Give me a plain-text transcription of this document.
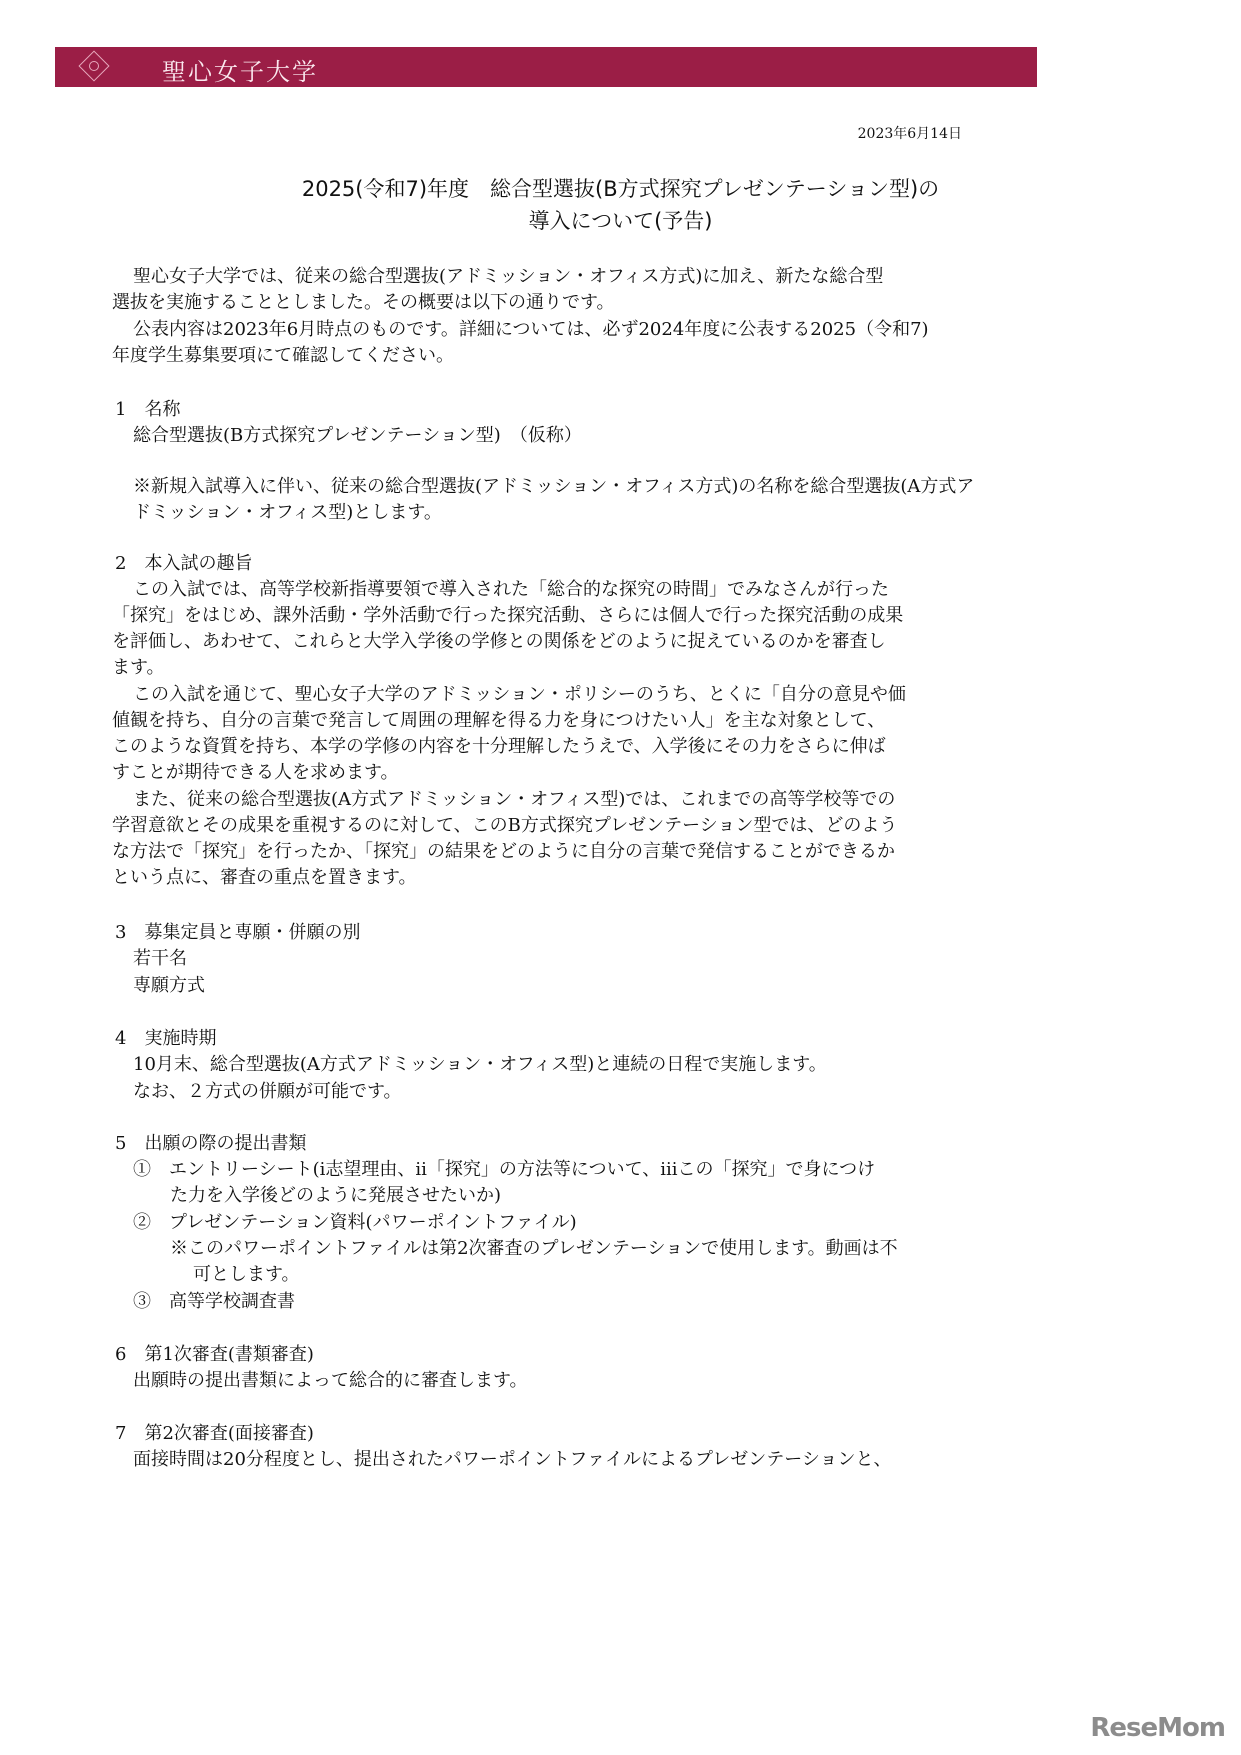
聖心女子大学
2023年6月14日
2025(令和7)年度　総合型選抜(B方式探究プレゼンテーション型)の
導入について(予告)
聖心女子大学では、従来の総合型選抜(アドミッション・オフィス方式)に加え、新たな総合型
選抜を実施することとしました。その概要は以下の通りです。
公表内容は2023年6月時点のものです。詳細については、必ず2024年度に公表する2025（令和7)
年度学生募集要項にて確認してください。
1　名称
総合型選抜(B方式探究プレゼンテーション型)　（仮称）
※新規入試導入に伴い、従来の総合型選抜(アドミッション・オフィス方式)の名称を総合型選抜(A方式ア
ドミッション・オフィス型)とします。
2　本入試の趣旨
この入試では、高等学校新指導要領で導入された「総合的な探究の時間」でみなさんが行った
「探究」をはじめ、課外活動・学外活動で行った探究活動、さらには個人で行った探究活動の成果
を評価し、あわせて、これらと大学入学後の学修との関係をどのように捉えているのかを審査し
ます。
この入試を通じて、聖心女子大学のアドミッション・ポリシーのうち、とくに「自分の意見や価
値観を持ち、自分の言葉で発言して周囲の理解を得る力を身につけたい人」を主な対象として、
このような資質を持ち、本学の学修の内容を十分理解したうえで、入学後にその力をさらに伸ば
すことが期待できる人を求めます。
また、従来の総合型選抜(A方式アドミッション・オフィス型)では、これまでの高等学校等での
学習意欲とその成果を重視するのに対して、このB方式探究プレゼンテーション型では、どのよう
な方法で「探究」を行ったか、「探究」の結果をどのように自分の言葉で発信することができるか
という点に、審査の重点を置きます。
3　募集定員と専願・併願の別
若干名
専願方式
4　実施時期
10月末、総合型選抜(A方式アドミッション・オフィス型)と連続の日程で実施します。
なお、２方式の併願が可能です。
5　出願の際の提出書類
①　エントリーシート(ⅰ志望理由、ⅱ「探究」の方法等について、ⅲこの「探究」で身につけ
た力を入学後どのように発展させたいか)
②　プレゼンテーション資料(パワーポイントファイル)
※このパワーポイントファイルは第2次審査のプレゼンテーションで使用します。動画は不
可とします。
③　高等学校調査書
6　第1次審査(書類審査)
出願時の提出書類によって総合的に審査します。
7　第2次審査(面接審査)
面接時間は20分程度とし、提出されたパワーポイントファイルによるプレゼンテーションと、
ReseMom
